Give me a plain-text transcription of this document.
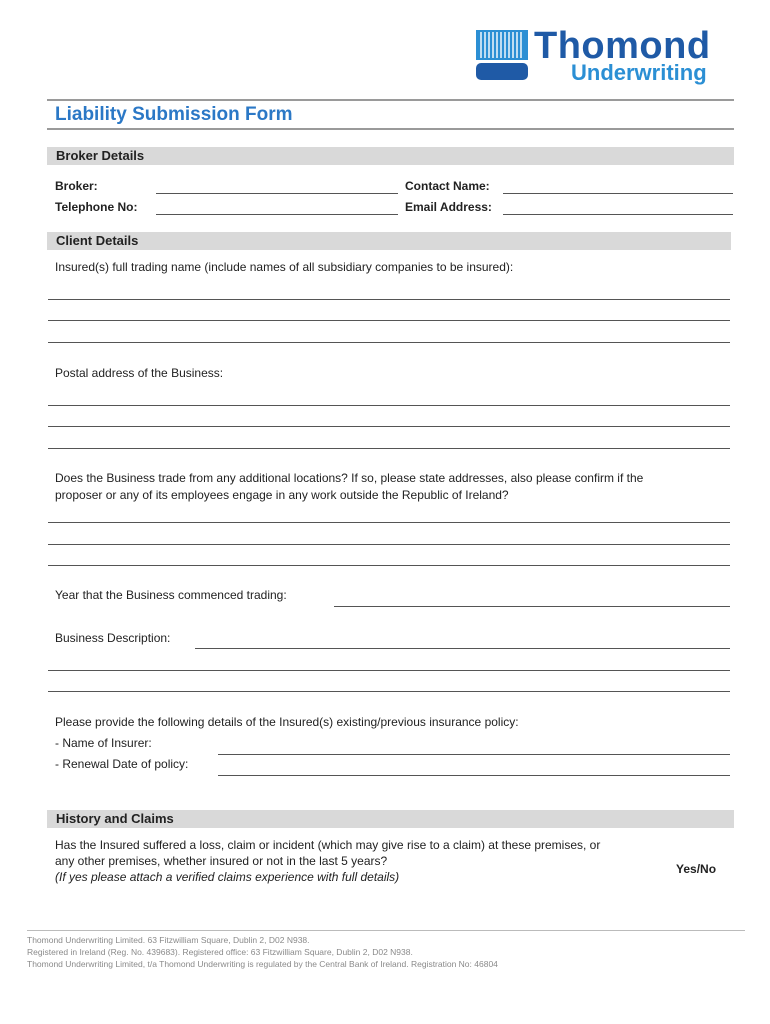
Thomond
Underwriting
Liability Submission Form
Broker Details
Broker:	Contact Name:
Telephone No:	Email Address:
Client Details
Insured(s) full trading name (include names of all subsidiary companies to be insured):
Postal address of the Business:
Does the Business trade from any additional locations? If so, please state addresses, also please confirm if the
proposer or any of its employees engage in any work outside the Republic of Ireland?
Year that the Business commenced trading:
Business Description:
Please provide the following details of the Insured(s) existing/previous insurance policy:
- Name of Insurer:
- Renewal Date of policy:
History and Claims
Has the Insured suffered a loss, claim or incident (which may give rise to a claim) at these premises, or
any other premises, whether insured or not in the last 5 years?
(If yes please attach a verified claims experience with full details)
Yes/No
Thomond Underwriting Limited. 63 Fitzwilliam Square, Dublin 2, D02 N938.
Registered in Ireland (Reg. No. 439683). Registered office: 63 Fitzwilliam Square, Dublin 2, D02 N938.
Thomond Underwriting Limited, t/a Thomond Underwriting is regulated by the Central Bank of Ireland. Registration No: 46804
